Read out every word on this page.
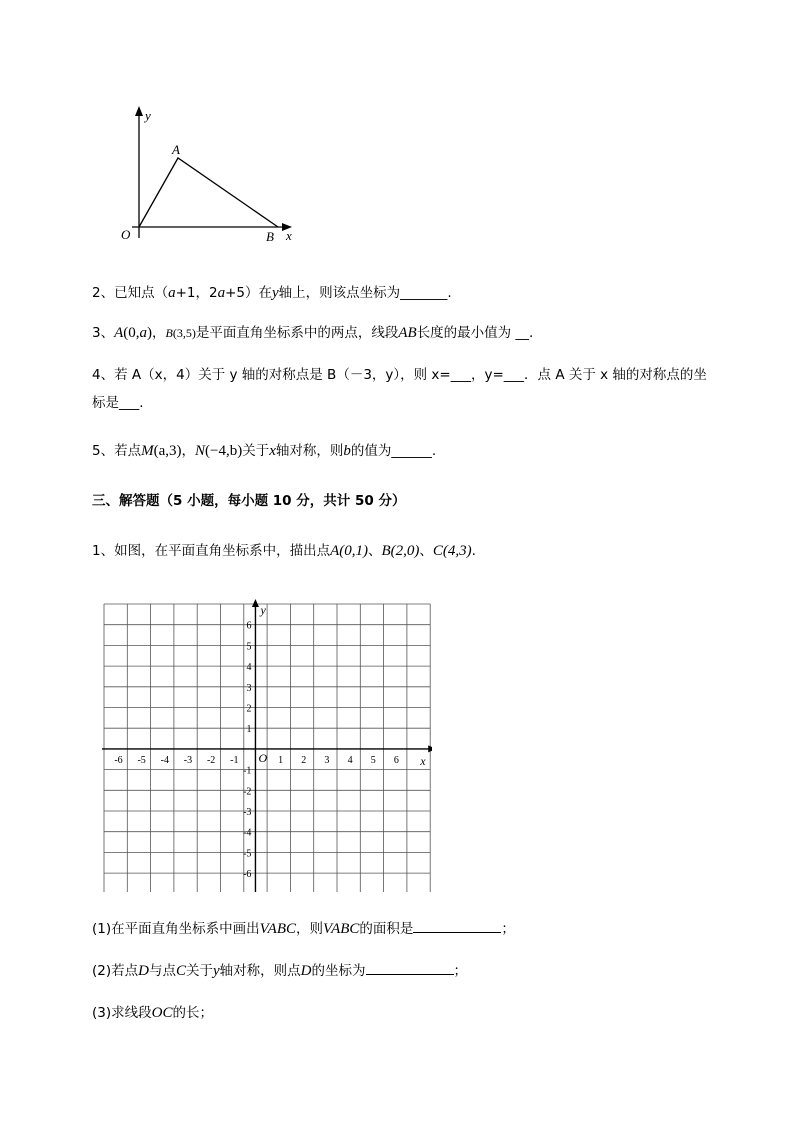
y
A
O	B x
2、已知点（a+1，2a+5）在y轴上，则该点坐标为_______.
3、A(0,a)，B(3,5)是平面直角坐标系中的两点，线段AB长度的最小值为 __.
4、若 A（x，4）关于 y 轴的对称点是 B（－3，y），则 x=___，y=___．点 A 关于 x 轴的对称点的坐
标是___.
5、若点M(a,3)，N(−4,b)关于x轴对称，则b的值为______.
三、解答题（5 小题，每小题 10 分，共计 50 分）
1、如图，在平面直角坐标系中，描出点A(0,1)、B(2,0)、C(4,3).
-6 -5 -4 -3 -2 -1	1 2 3 4 5 6
6
5
4
3
2
1
-1
-2
-3
-4
-5
-6
O	x
y
(1)在平面直角坐标系中画出VABC，则VABC的面积是	；
(2)若点D与点C关于y轴对称，则点D的坐标为	；
(3)求线段OC的长；
